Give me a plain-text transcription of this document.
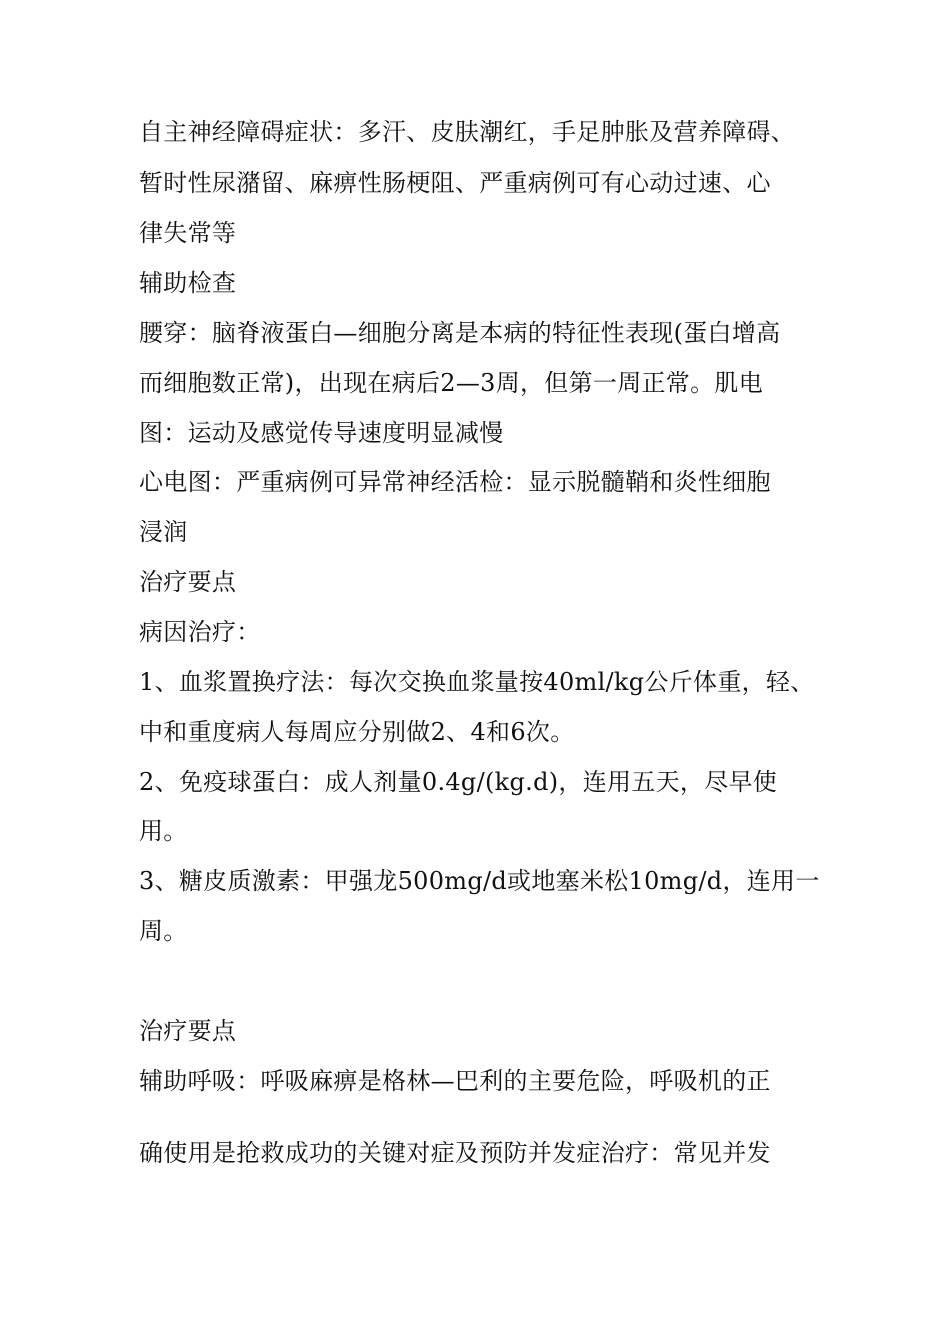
自主神经障碍症状：多汗、皮肤潮红，手足肿胀及营养障碍、
暂时性尿潴留、麻痹性肠梗阻、严重病例可有心动过速、心
律失常等
辅助检查
腰穿：脑脊液蛋白—细胞分离是本病的特征性表现(蛋白增高
而细胞数正常)，出现在病后2—3周，但第一周正常。肌电
图：运动及感觉传导速度明显减慢
心电图：严重病例可异常神经活检：显示脱髓鞘和炎性细胞
浸润
治疗要点
病因治疗：
1、血浆置换疗法：每次交换血浆量按40ml/kg公斤体重，轻、
中和重度病人每周应分别做2、4和6次。
2、免疫球蛋白：成人剂量0.4g/(kg.d)，连用五天，尽早使
用。
3、糖皮质激素：甲强龙500mg/d或地塞米松10mg/d，连用一
周。
治疗要点
辅助呼吸：呼吸麻痹是格林—巴利的主要危险，呼吸机的正
确使用是抢救成功的关键对症及预防并发症治疗：常见并发
